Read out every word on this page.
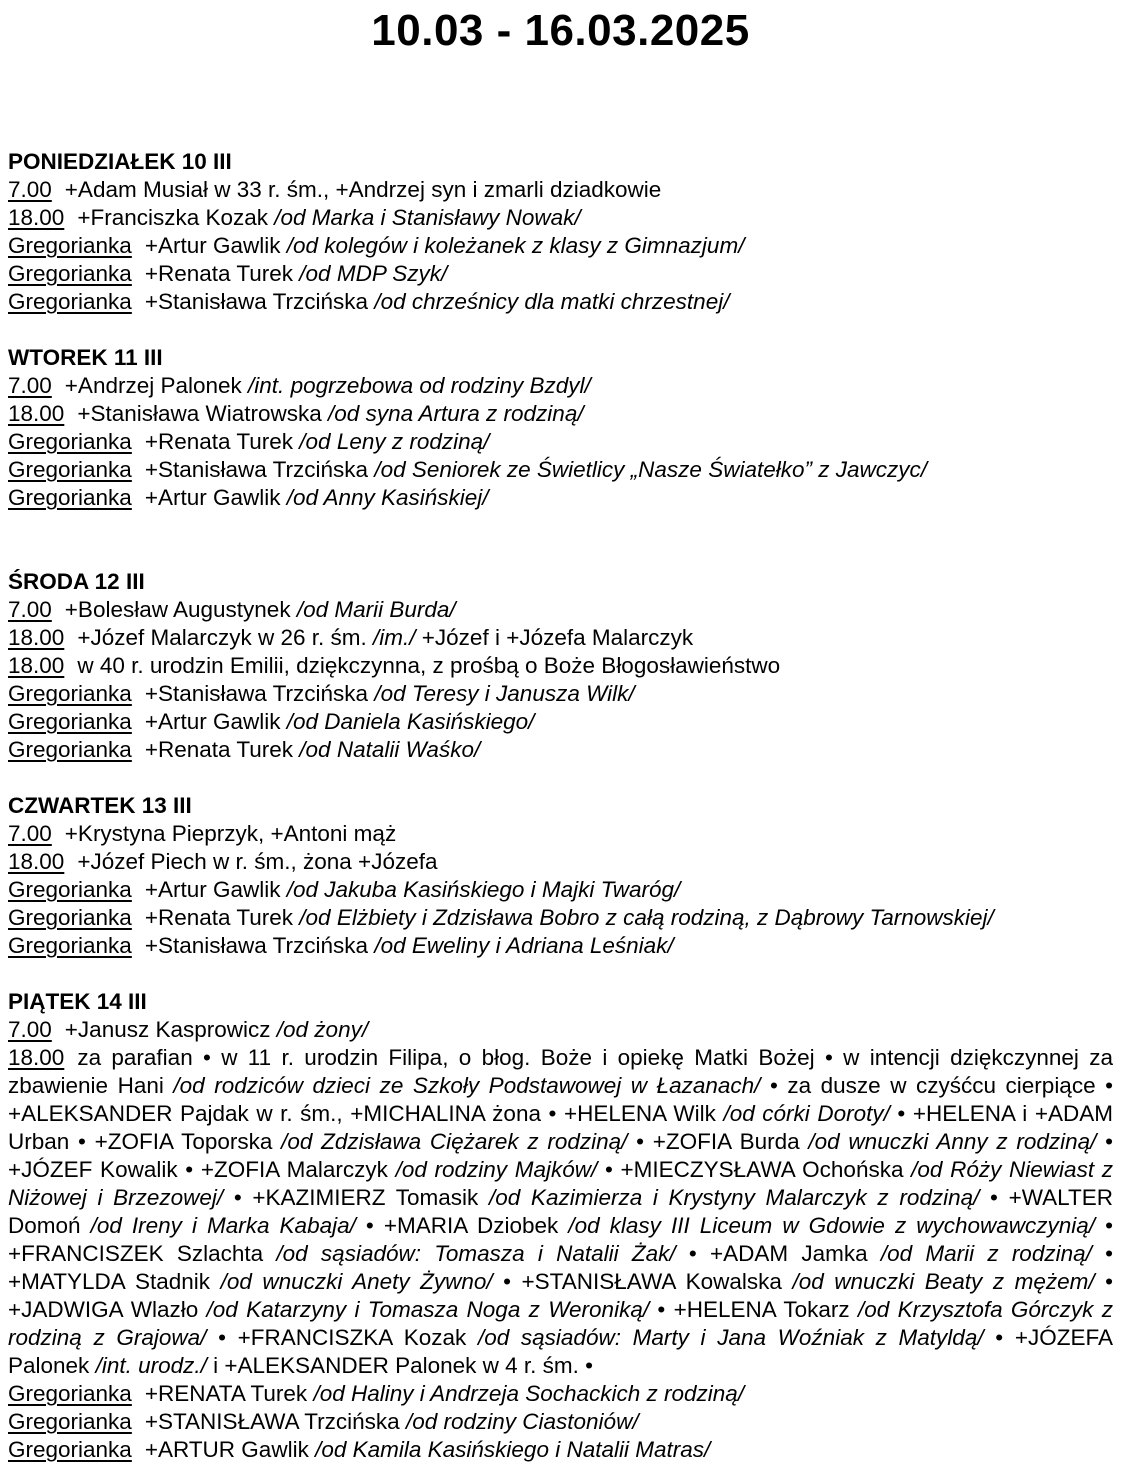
10.03 - 16.03.2025
PONIEDZIAŁEK 10 III

7.00 +Adam Musiał w 33 r. śm., +Andrzej syn i zmarli dziadkowie

18.00 +Franciszka Kozak /od Marka i Stanisławy Nowak/

Gregorianka +Artur Gawlik /od kolegów i koleżanek z klasy z Gimnazjum/

Gregorianka +Renata Turek /od MDP Szyk/

Gregorianka +Stanisława Trzcińska /od chrześnicy dla matki chrzestnej/

WTOREK 11 III

7.00 +Andrzej Palonek /int. pogrzebowa od rodziny Bzdyl/

18.00 +Stanisława Wiatrowska /od syna Artura z rodziną/

Gregorianka +Renata Turek /od Leny z rodziną/

Gregorianka +Stanisława Trzcińska /od Seniorek ze Świetlicy „Nasze Światełko” z Jawczyc/

Gregorianka +Artur Gawlik /od Anny Kasińskiej/

ŚRODA 12 III

7.00 +Bolesław Augustynek /od Marii Burda/

18.00 +Józef Malarczyk w 26 r. śm. /im./ +Józef i +Józefa Malarczyk

18.00 w 40 r. urodzin Emilii, dziękczynna, z prośbą o Boże Błogosławieństwo

Gregorianka +Stanisława Trzcińska /od Teresy i Janusza Wilk/

Gregorianka +Artur Gawlik /od Daniela Kasińskiego/

Gregorianka +Renata Turek /od Natalii Waśko/

CZWARTEK 13 III

7.00 +Krystyna Pieprzyk, +Antoni mąż

18.00 +Józef Piech w r. śm., żona +Józefa

Gregorianka +Artur Gawlik /od Jakuba Kasińskiego i Majki Twaróg/

Gregorianka +Renata Turek /od Elżbiety i Zdzisława Bobro z całą rodziną, z Dąbrowy Tarnowskiej/

Gregorianka +Stanisława Trzcińska /od Eweliny i Adriana Leśniak/

PIĄTEK 14 III

7.00 +Janusz Kasprowicz /od żony/

18.00 za parafian • w 11 r. urodzin Filipa, o błog. Boże i opiekę Matki Bożej • w intencji dziękczynnej za zbawienie Hani /od rodziców dzieci ze Szkoły Podstawowej w Łazanach/ • za dusze w czyśćcu cierpiące • +ALEKSANDER Pajdak w r. śm., +MICHALINA żona • +HELENA Wilk /od córki Doroty/ • +HELENA i +ADAM Urban • +ZOFIA Toporska /od Zdzisława Ciężarek z rodziną/ • +ZOFIA Burda /od wnuczki Anny z rodziną/ • +JÓZEF Kowalik • +ZOFIA Malarczyk /od rodziny Majków/ • +MIECZYSŁAWA Ochońska /od Róży Niewiast z Niżowej i Brzezowej/ • +KAZIMIERZ Tomasik /od Kazimierza i Krystyny Malarczyk z rodziną/ • +WALTER Domoń /od Ireny i Marka Kabaja/ • +MARIA Dziobek /od klasy III Liceum w Gdowie z wychowawczynią/ • +FRANCISZEK Szlachta /od sąsiadów: Tomasza i Natalii Żak/ • +ADAM Jamka /od Marii z rodziną/ • +MATYLDA Stadnik /od wnuczki Anety Żywno/ • +STANISŁAWA Kowalska /od wnuczki Beaty z mężem/ • +JADWIGA Wlazło /od Katarzyny i Tomasza Noga z Weroniką/ • +HELENA Tokarz /od Krzysztofa Górczyk z rodziną z Grajowa/ • +FRANCISZKA Kozak /od sąsiadów: Marty i Jana Woźniak z Matyldą/ • +JÓZEFA Palonek /int. urodz./ i +ALEKSANDER Palonek w 4 r. śm. •

Gregorianka +RENATA Turek /od Haliny i Andrzeja Sochackich z rodziną/

Gregorianka +STANISŁAWA Trzcińska /od rodziny Ciastoniów/

Gregorianka +ARTUR Gawlik /od Kamila Kasińskiego i Natalii Matras/
